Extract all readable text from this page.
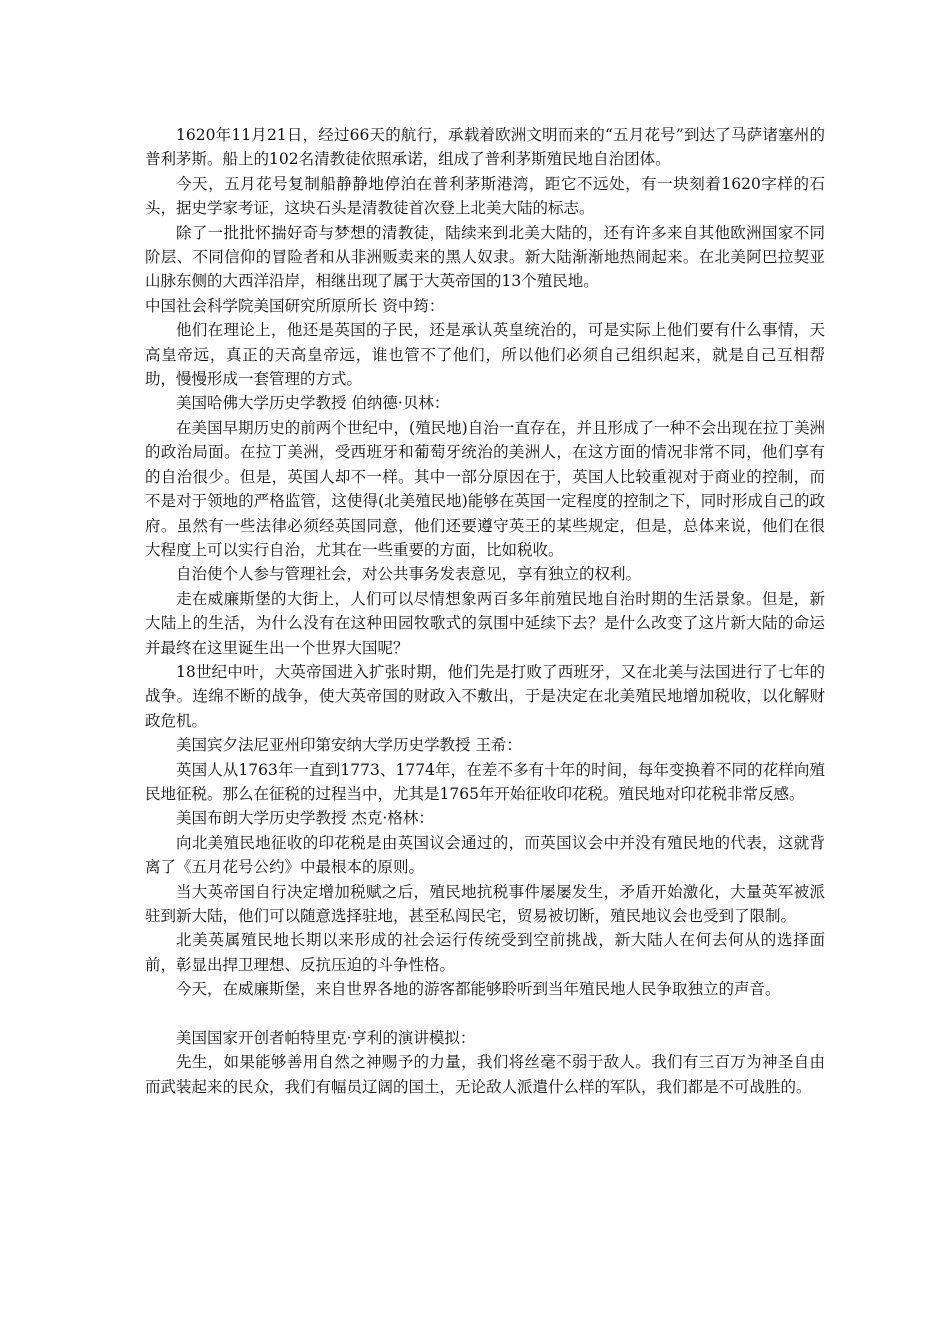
1620年11月21日，经过66天的航行，承载着欧洲文明而来的“五月花号”到达了马萨诸塞州的普利茅斯。船上的102名清教徒依照承诺，组成了普利茅斯殖民地自治团体。

今天，五月花号复制船静静地停泊在普利茅斯港湾，距它不远处，有一块刻着1620字样的石头，据史学家考证，这块石头是清教徒首次登上北美大陆的标志。

除了一批批怀揣好奇与梦想的清教徒，陆续来到北美大陆的，还有许多来自其他欧洲国家不同阶层、不同信仰的冒险者和从非洲贩卖来的黑人奴隶。新大陆渐渐地热闹起来。在北美阿巴拉契亚山脉东侧的大西洋沿岸，相继出现了属于大英帝国的13个殖民地。

中国社会科学院美国研究所原所长 资中筠：

他们在理论上，他还是英国的子民，还是承认英皇统治的，可是实际上他们要有什么事情，天高皇帝远，真正的天高皇帝远，谁也管不了他们，所以他们必须自己组织起来，就是自己互相帮助，慢慢形成一套管理的方式。

美国哈佛大学历史学教授 伯纳德·贝林：

在美国早期历史的前两个世纪中，(殖民地)自治一直存在，并且形成了一种不会出现在拉丁美洲的政治局面。在拉丁美洲，受西班牙和葡萄牙统治的美洲人，在这方面的情况非常不同，他们享有的自治很少。但是，英国人却不一样。其中一部分原因在于，英国人比较重视对于商业的控制，而不是对于领地的严格监管，这使得(北美殖民地)能够在英国一定程度的控制之下，同时形成自己的政府。虽然有一些法律必须经英国同意，他们还要遵守英王的某些规定，但是，总体来说，他们在很大程度上可以实行自治，尤其在一些重要的方面，比如税收。

自治使个人参与管理社会，对公共事务发表意见，享有独立的权利。

走在威廉斯堡的大街上，人们可以尽情想象两百多年前殖民地自治时期的生活景象。但是，新大陆上的生活，为什么没有在这种田园牧歌式的氛围中延续下去？是什么改变了这片新大陆的命运并最终在这里诞生出一个世界大国呢？

18世纪中叶，大英帝国进入扩张时期，他们先是打败了西班牙，又在北美与法国进行了七年的战争。连绵不断的战争，使大英帝国的财政入不敷出，于是决定在北美殖民地增加税收，以化解财政危机。

美国宾夕法尼亚州印第安纳大学历史学教授 王希：

英国人从1763年一直到1773、1774年，在差不多有十年的时间，每年变换着不同的花样向殖民地征税。那么在征税的过程当中，尤其是1765年开始征收印花税。殖民地对印花税非常反感。

美国布朗大学历史学教授 杰克·格林：

向北美殖民地征收的印花税是由英国议会通过的，而英国议会中并没有殖民地的代表，这就背离了《五月花号公约》中最根本的原则。

当大英帝国自行决定增加税赋之后，殖民地抗税事件屡屡发生，矛盾开始激化，大量英军被派驻到新大陆，他们可以随意选择驻地，甚至私闯民宅，贸易被切断，殖民地议会也受到了限制。

北美英属殖民地长期以来形成的社会运行传统受到空前挑战，新大陆人在何去何从的选择面前，彰显出捍卫理想、反抗压迫的斗争性格。

今天，在威廉斯堡，来自世界各地的游客都能够聆听到当年殖民地人民争取独立的声音。

美国国家开创者帕特里克·亨利的演讲模拟：

先生，如果能够善用自然之神赐予的力量，我们将丝毫不弱于敌人。我们有三百万为神圣自由而武装起来的民众，我们有幅员辽阔的国土，无论敌人派遣什么样的军队，我们都是不可战胜的。
